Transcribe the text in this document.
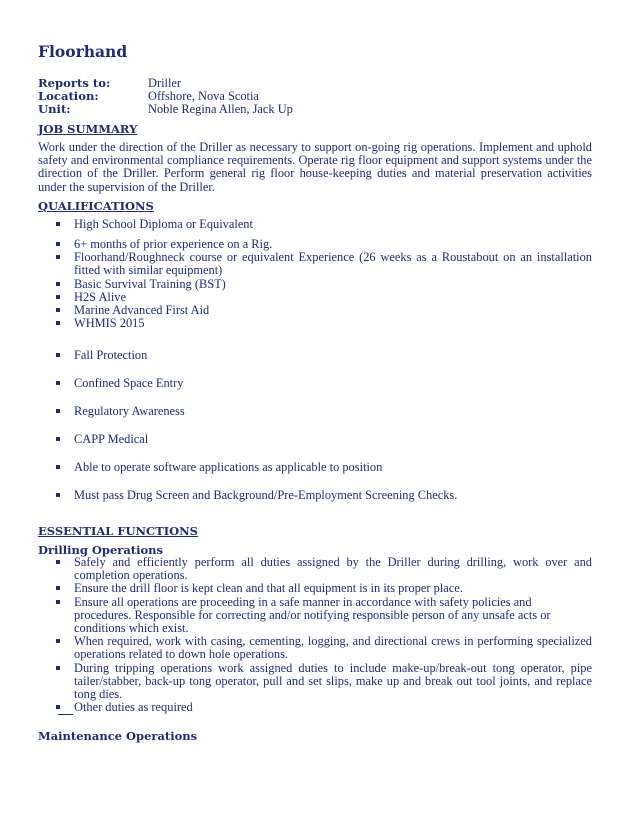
Floorhand
Reports to:	Driller
Location:	Offshore, Nova Scotia
Unit:	Noble Regina Allen, Jack Up
JOB SUMMARY
Work under the direction of the Driller as necessary to support on-going rig operations. Implement and uphold safety and environmental compliance requirements. Operate rig floor equipment and support systems under the direction of the Driller. Perform general rig floor house-keeping duties and material preservation activities under the supervision of the Driller.
QUALIFICATIONS
High School Diploma or Equivalent
6+ months of prior experience on a Rig.
Floorhand/Roughneck course or equivalent Experience (26 weeks as a Roustabout on an installation fitted with similar equipment)
Basic Survival Training (BST)
H2S Alive
Marine Advanced First Aid
WHMIS 2015
Fall Protection
Confined Space Entry
Regulatory Awareness
CAPP Medical
Able to operate software applications as applicable to position
Must pass Drug Screen and Background/Pre-Employment Screening Checks.
ESSENTIAL FUNCTIONS
Drilling Operations
Safely and efficiently perform all duties assigned by the Driller during drilling, work over and completion operations.
Ensure the drill floor is kept clean and that all equipment is in its proper place.
Ensure all operations are proceeding in a safe manner in accordance with safety policies and procedures. Responsible for correcting and/or notifying responsible person of any unsafe acts or conditions which exist.
When required, work with casing, cementing, logging, and directional crews in performing specialized operations related to down hole operations.
During tripping operations work assigned duties to include make-up/break-out tong operator, pipe tailer/stabber, back-up tong operator, pull and set slips, make up and break out tool joints, and replace tong dies.
Other duties as required
Maintenance Operations
